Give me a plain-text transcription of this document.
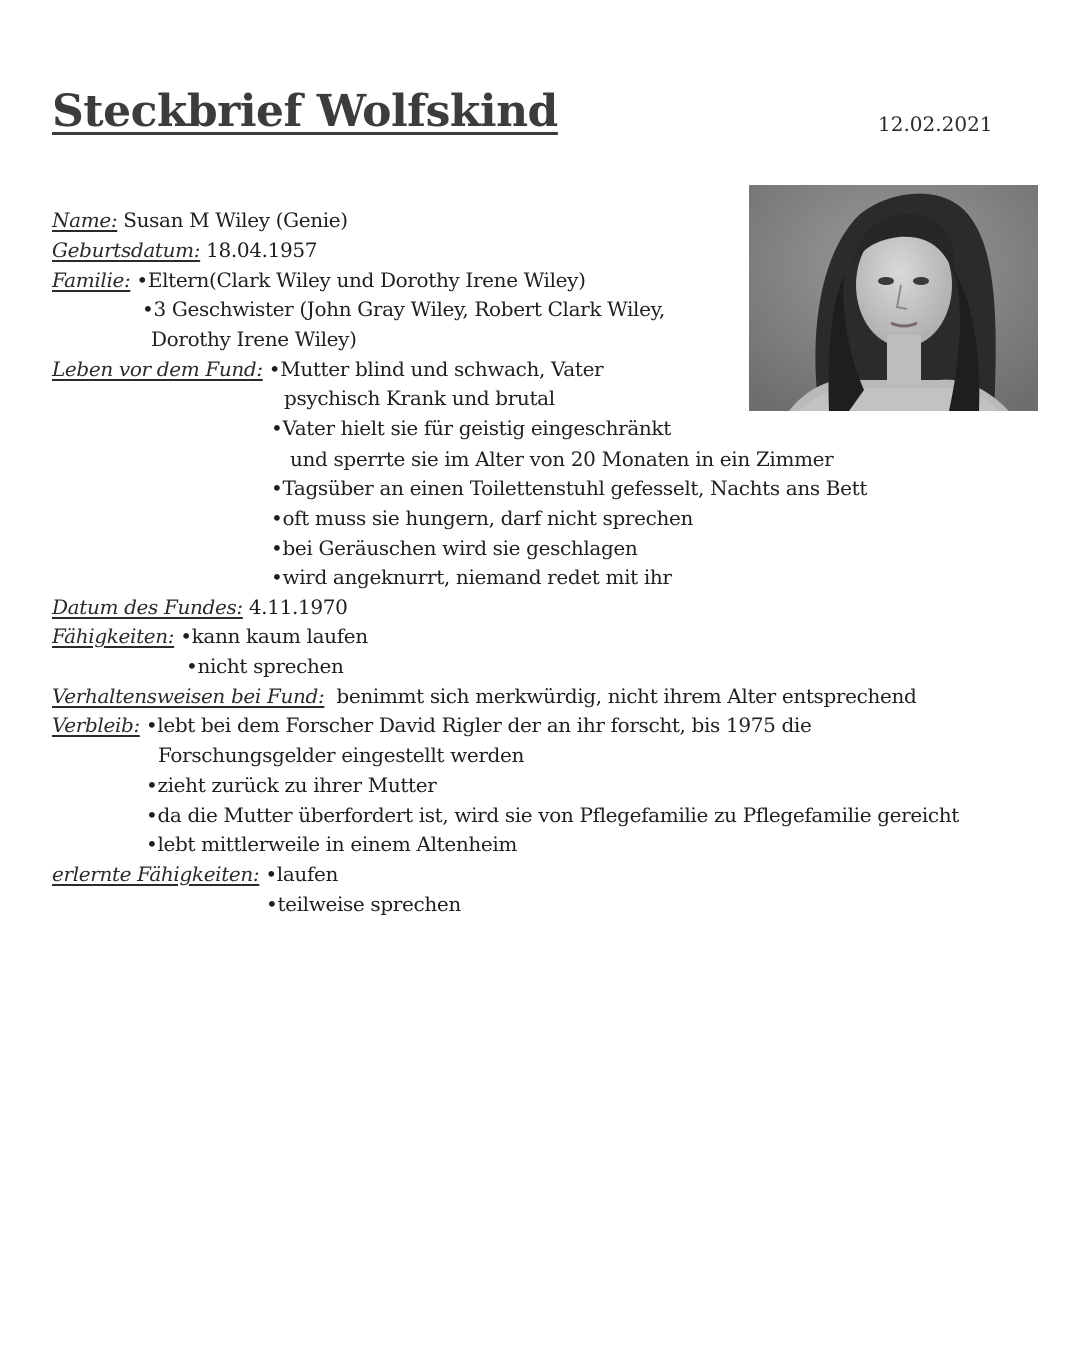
Steckbrief Wolfskind	12.02.2021
Name: Susan M Wiley (Genie)
Geburtsdatum: 18.04.1957
Familie: •Eltern(Clark Wiley und Dorothy Irene Wiley)
•3 Geschwister (John Gray Wiley, Robert Clark Wiley,
Dorothy Irene Wiley)
Leben vor dem Fund: •Mutter blind und schwach, Vater
psychisch Krank und brutal
•Vater hielt sie für geistig eingeschränkt
und sperrte sie im Alter von 20 Monaten in ein Zimmer
•Tagsüber an einen Toilettenstuhl gefesselt, Nachts ans Bett
•oft muss sie hungern, darf nicht sprechen
•bei Geräuschen wird sie geschlagen
•wird angeknurrt, niemand redet mit ihr
Datum des Fundes: 4.11.1970
Fähigkeiten: •kann kaum laufen
•nicht sprechen
Verhaltensweisen bei Fund: benimmt sich merkwürdig, nicht ihrem Alter entsprechend
Verbleib: •lebt bei dem Forscher David Rigler der an ihr forscht, bis 1975 die
Forschungsgelder eingestellt werden
•zieht zurück zu ihrer Mutter
•da die Mutter überfordert ist, wird sie von Pflegefamilie zu Pflegefamilie gereicht
•lebt mittlerweile in einem Altenheim
erlernte Fähigkeiten: •laufen
•teilweise sprechen
